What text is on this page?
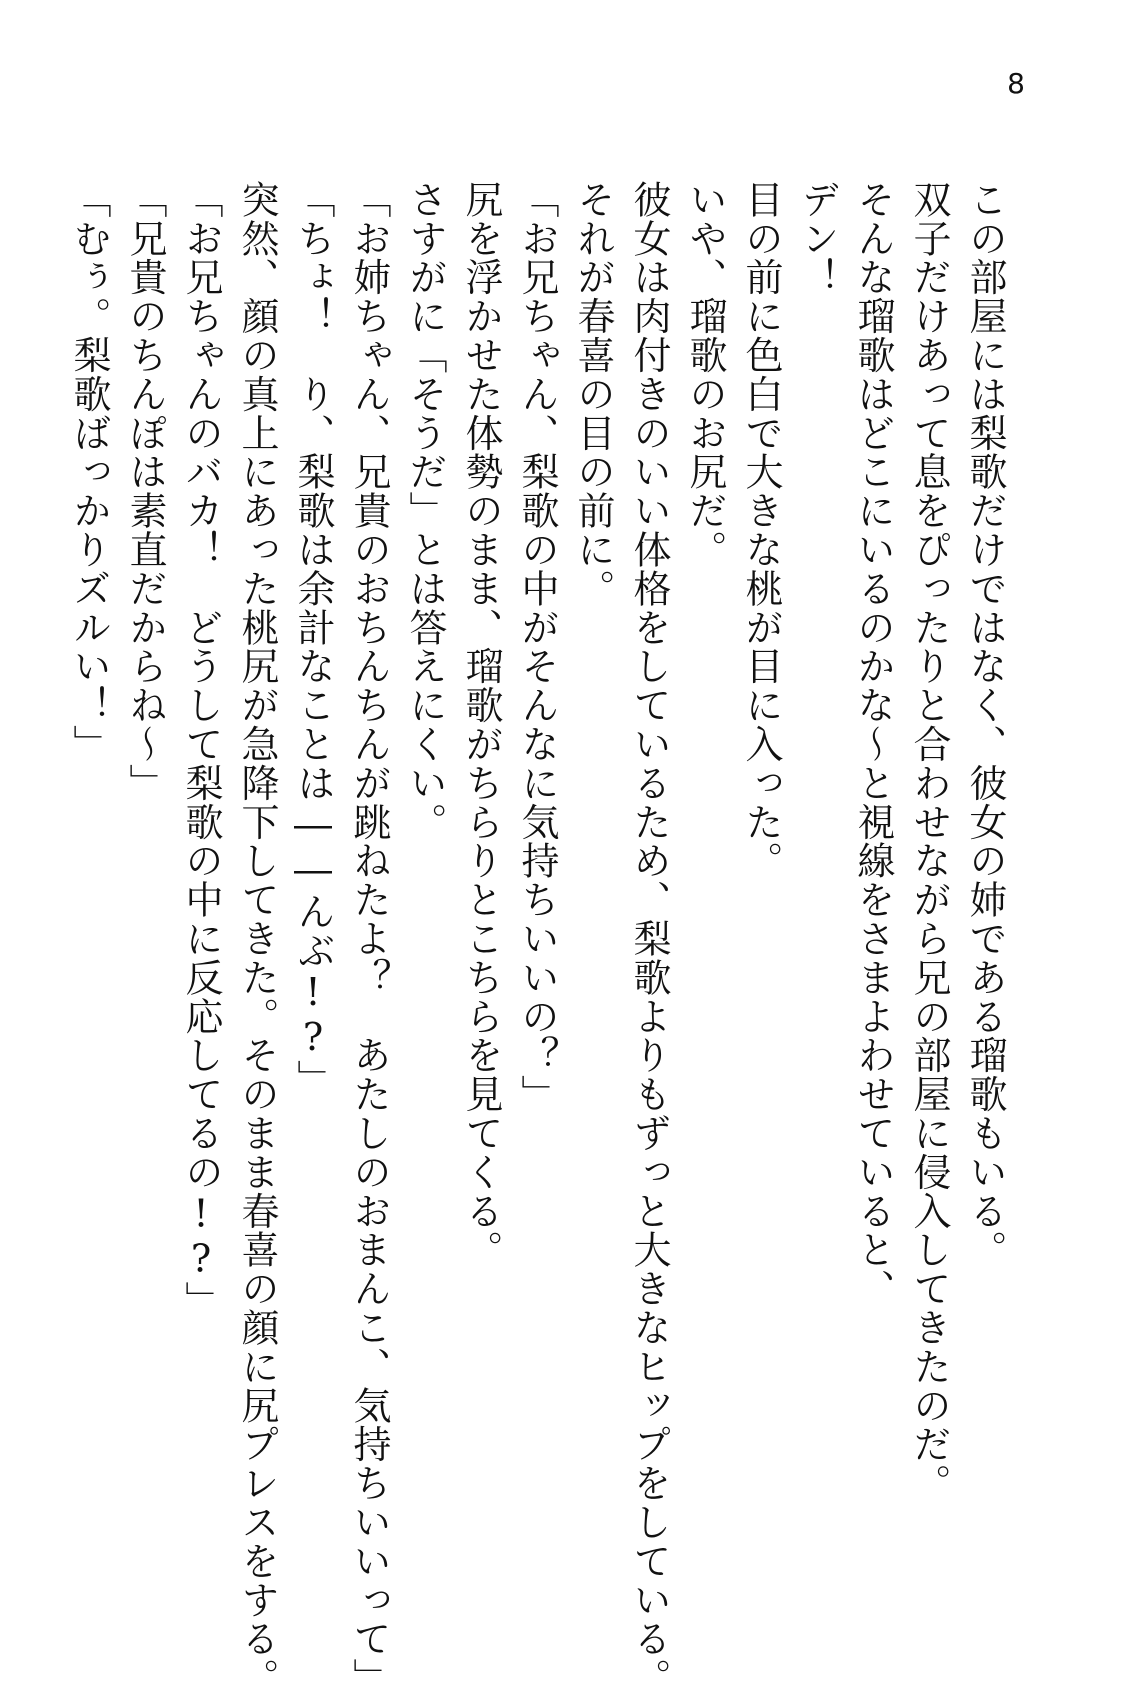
8

この部屋には梨歌だけではなく、彼女の姉である瑠歌もいる。

双子だけあって息をぴったりと合わせながら兄の部屋に侵入してきたのだ。

そんな瑠歌はどこにいるのかな〜と視線をさまよわせていると、

デン！

目の前に色白で大きな桃が目に入った。

いや、瑠歌のお尻だ。

彼女は肉付きのいい体格をしているため、梨歌よりもずっと大きなヒップをしている。

それが春喜の目の前に。

「お兄ちゃん、梨歌の中がそんなに気持ちいいの？」

尻を浮かせた体勢のまま、瑠歌がちらりとこちらを見てくる。

さすがに「そうだ」とは答えにくい。

「お姉ちゃん、兄貴のおちんちんが跳ねたよ？　あたしのおまんこ、気持ちいいって」

「ちょ！　り、梨歌は余計なことは――んぶ!?」

突然、顔の真上にあった桃尻が急降下してきた。そのまま春喜の顔に尻プレスをする。

「お兄ちゃんのバカ！　どうして梨歌の中に反応してるの!?」

「兄貴のちんぽは素直だからね〜」

「むぅ。梨歌ばっかりズルい！」
